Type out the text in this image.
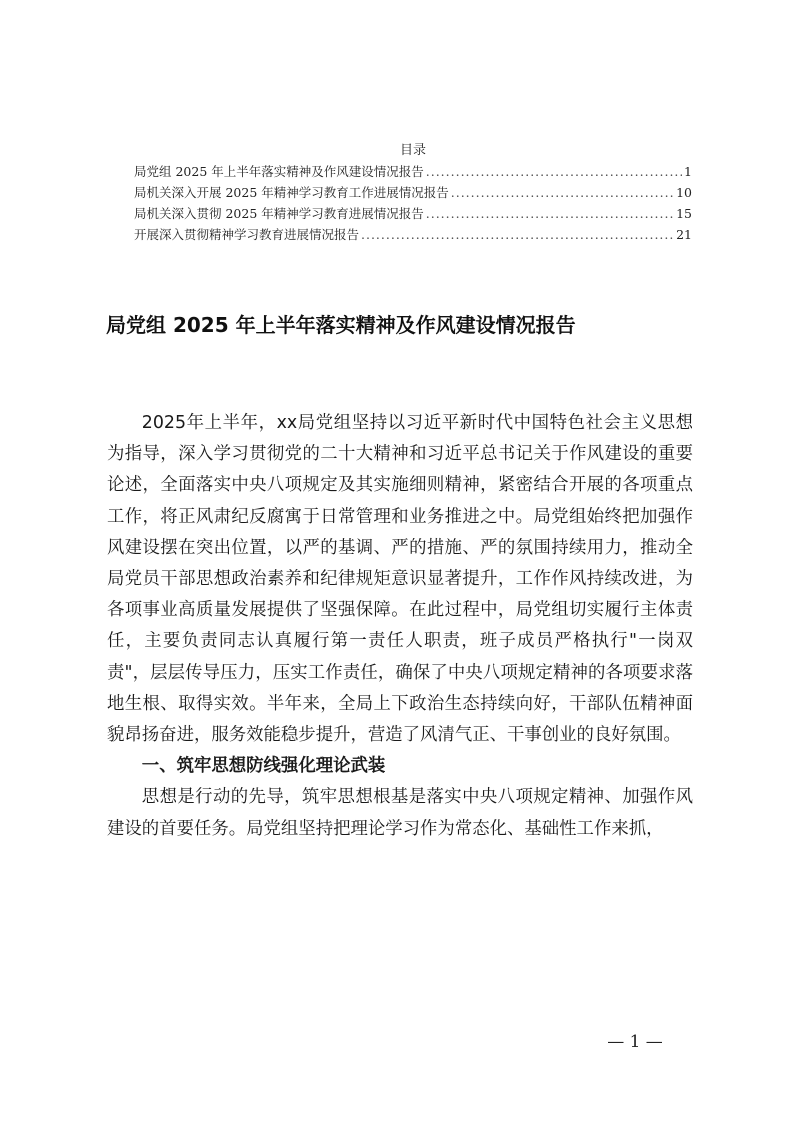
目录
局党组 2025 年上半年落实精神及作风建设情况报告 .....	1
局机关深入开展 2025 年精神学习教育工作进展情况报告 .....	10
局机关深入贯彻 2025 年精神学习教育进展情况报告 .....	15
开展深入贯彻精神学习教育进展情况报告 .....	21
局党组 2025 年上半年落实精神及作风建设情况报告

2025年上半年，xx局党组坚持以习近平新时代中国特色社会主义思想为指导，深入学习贯彻党的二十大精神和习近平总书记关于作风建设的重要论述，全面落实中央八项规定及其实施细则精神，紧密结合开展的各项重点工作，将正风肃纪反腐寓于日常管理和业务推进之中。局党组始终把加强作风建设摆在突出位置，以严的基调、严的措施、严的氛围持续用力，推动全局党员干部思想政治素养和纪律规矩意识显著提升，工作作风持续改进，为各项事业高质量发展提供了坚强保障。在此过程中，局党组切实履行主体责任，主要负责同志认真履行第一责任人职责，班子成员严格执行"一岗双责"，层层传导压力，压实工作责任，确保了中央八项规定精神的各项要求落地生根、取得实效。半年来，全局上下政治生态持续向好，干部队伍精神面貌昂扬奋进，服务效能稳步提升，营造了风清气正、干事创业的良好氛围。

一、筑牢思想防线强化理论武装

思想是行动的先导，筑牢思想根基是落实中央八项规定精神、加强作风建设的首要任务。局党组坚持把理论学习作为常态化、基础性工作来抓，

— 1 —
